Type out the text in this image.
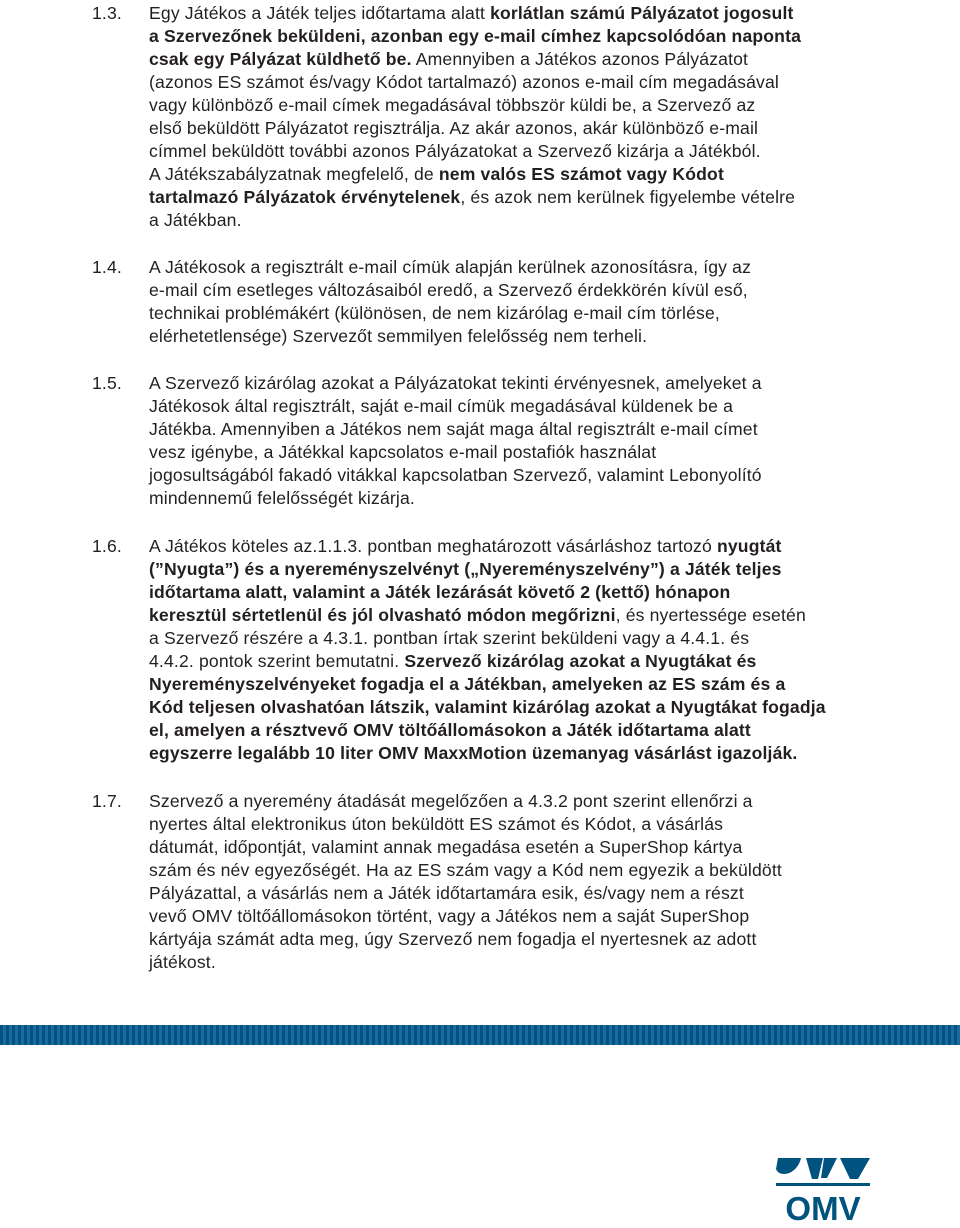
1.3. Egy Játékos a Játék teljes időtartama alatt korlátlan számú Pályázatot jogosult
a Szervezőnek beküldeni, azonban egy e-mail címhez kapcsolódóan naponta
csak egy Pályázat küldhető be. Amennyiben a Játékos azonos Pályázatot
(azonos ES számot és/vagy Kódot tartalmazó) azonos e-mail cím megadásával
vagy különböző e-mail címek megadásával többször küldi be, a Szervező az
első beküldött Pályázatot regisztrálja. Az akár azonos, akár különböző e-mail
címmel beküldött további azonos Pályázatokat a Szervező kizárja a Játékból.
A Játékszabályzatnak megfelelő, de nem valós ES számot vagy Kódot
tartalmazó Pályázatok érvénytelenek, és azok nem kerülnek figyelembe vételre
a Játékban.
1.4. A Játékosok a regisztrált e-mail címük alapján kerülnek azonosításra, így az
e-mail cím esetleges változásaiból eredő, a Szervező érdekkörén kívül eső,
technikai problémákért (különösen, de nem kizárólag e-mail cím törlése,
elérhetetlensége) Szervezőt semmilyen felelősség nem terheli.
1.5. A Szervező kizárólag azokat a Pályázatokat tekinti érvényesnek, amelyeket a
Játékosok által regisztrált, saját e-mail címük megadásával küldenek be a
Játékba. Amennyiben a Játékos nem saját maga által regisztrált e-mail címet
vesz igénybe, a Játékkal kapcsolatos e-mail postafiók használat
jogosultságából fakadó vitákkal kapcsolatban Szervező, valamint Lebonyolító
mindennemű felelősségét kizárja.
1.6. A Játékos köteles az.1.1.3. pontban meghatározott vásárláshoz tartozó nyugtát
(”Nyugta”) és a nyereményszelvényt („Nyereményszelvény”) a Játék teljes
időtartama alatt, valamint a Játék lezárását követő 2 (kettő) hónapon
keresztül sértetlenül és jól olvasható módon megőrizni, és nyertessége esetén
a Szervező részére a 4.3.1. pontban írtak szerint beküldeni vagy a 4.4.1. és
4.4.2. pontok szerint bemutatni. Szervező kizárólag azokat a Nyugtákat és
Nyereményszelvényeket fogadja el a Játékban, amelyeken az ES szám és a
Kód teljesen olvashatóan látszik, valamint kizárólag azokat a Nyugtákat fogadja
el, amelyen a résztvevő OMV töltőállomásokon a Játék időtartama alatt
egyszerre legalább 10 liter OMV MaxxMotion üzemanyag vásárlást igazolják.
1.7. Szervező a nyeremény átadását megelőzően a 4.3.2 pont szerint ellenőrzi a
nyertes által elektronikus úton beküldött ES számot és Kódot, a vásárlás
dátumát, időpontját, valamint annak megadása esetén a SuperShop kártya
szám és név egyezőségét. Ha az ES szám vagy a Kód nem egyezik a beküldött
Pályázattal, a vásárlás nem a Játék időtartamára esik, és/vagy nem a részt
vevő OMV töltőállomásokon történt, vagy a Játékos nem a saját SuperShop
kártyája számát adta meg, úgy Szervező nem fogadja el nyertesnek az adott
játékost.
OMV
